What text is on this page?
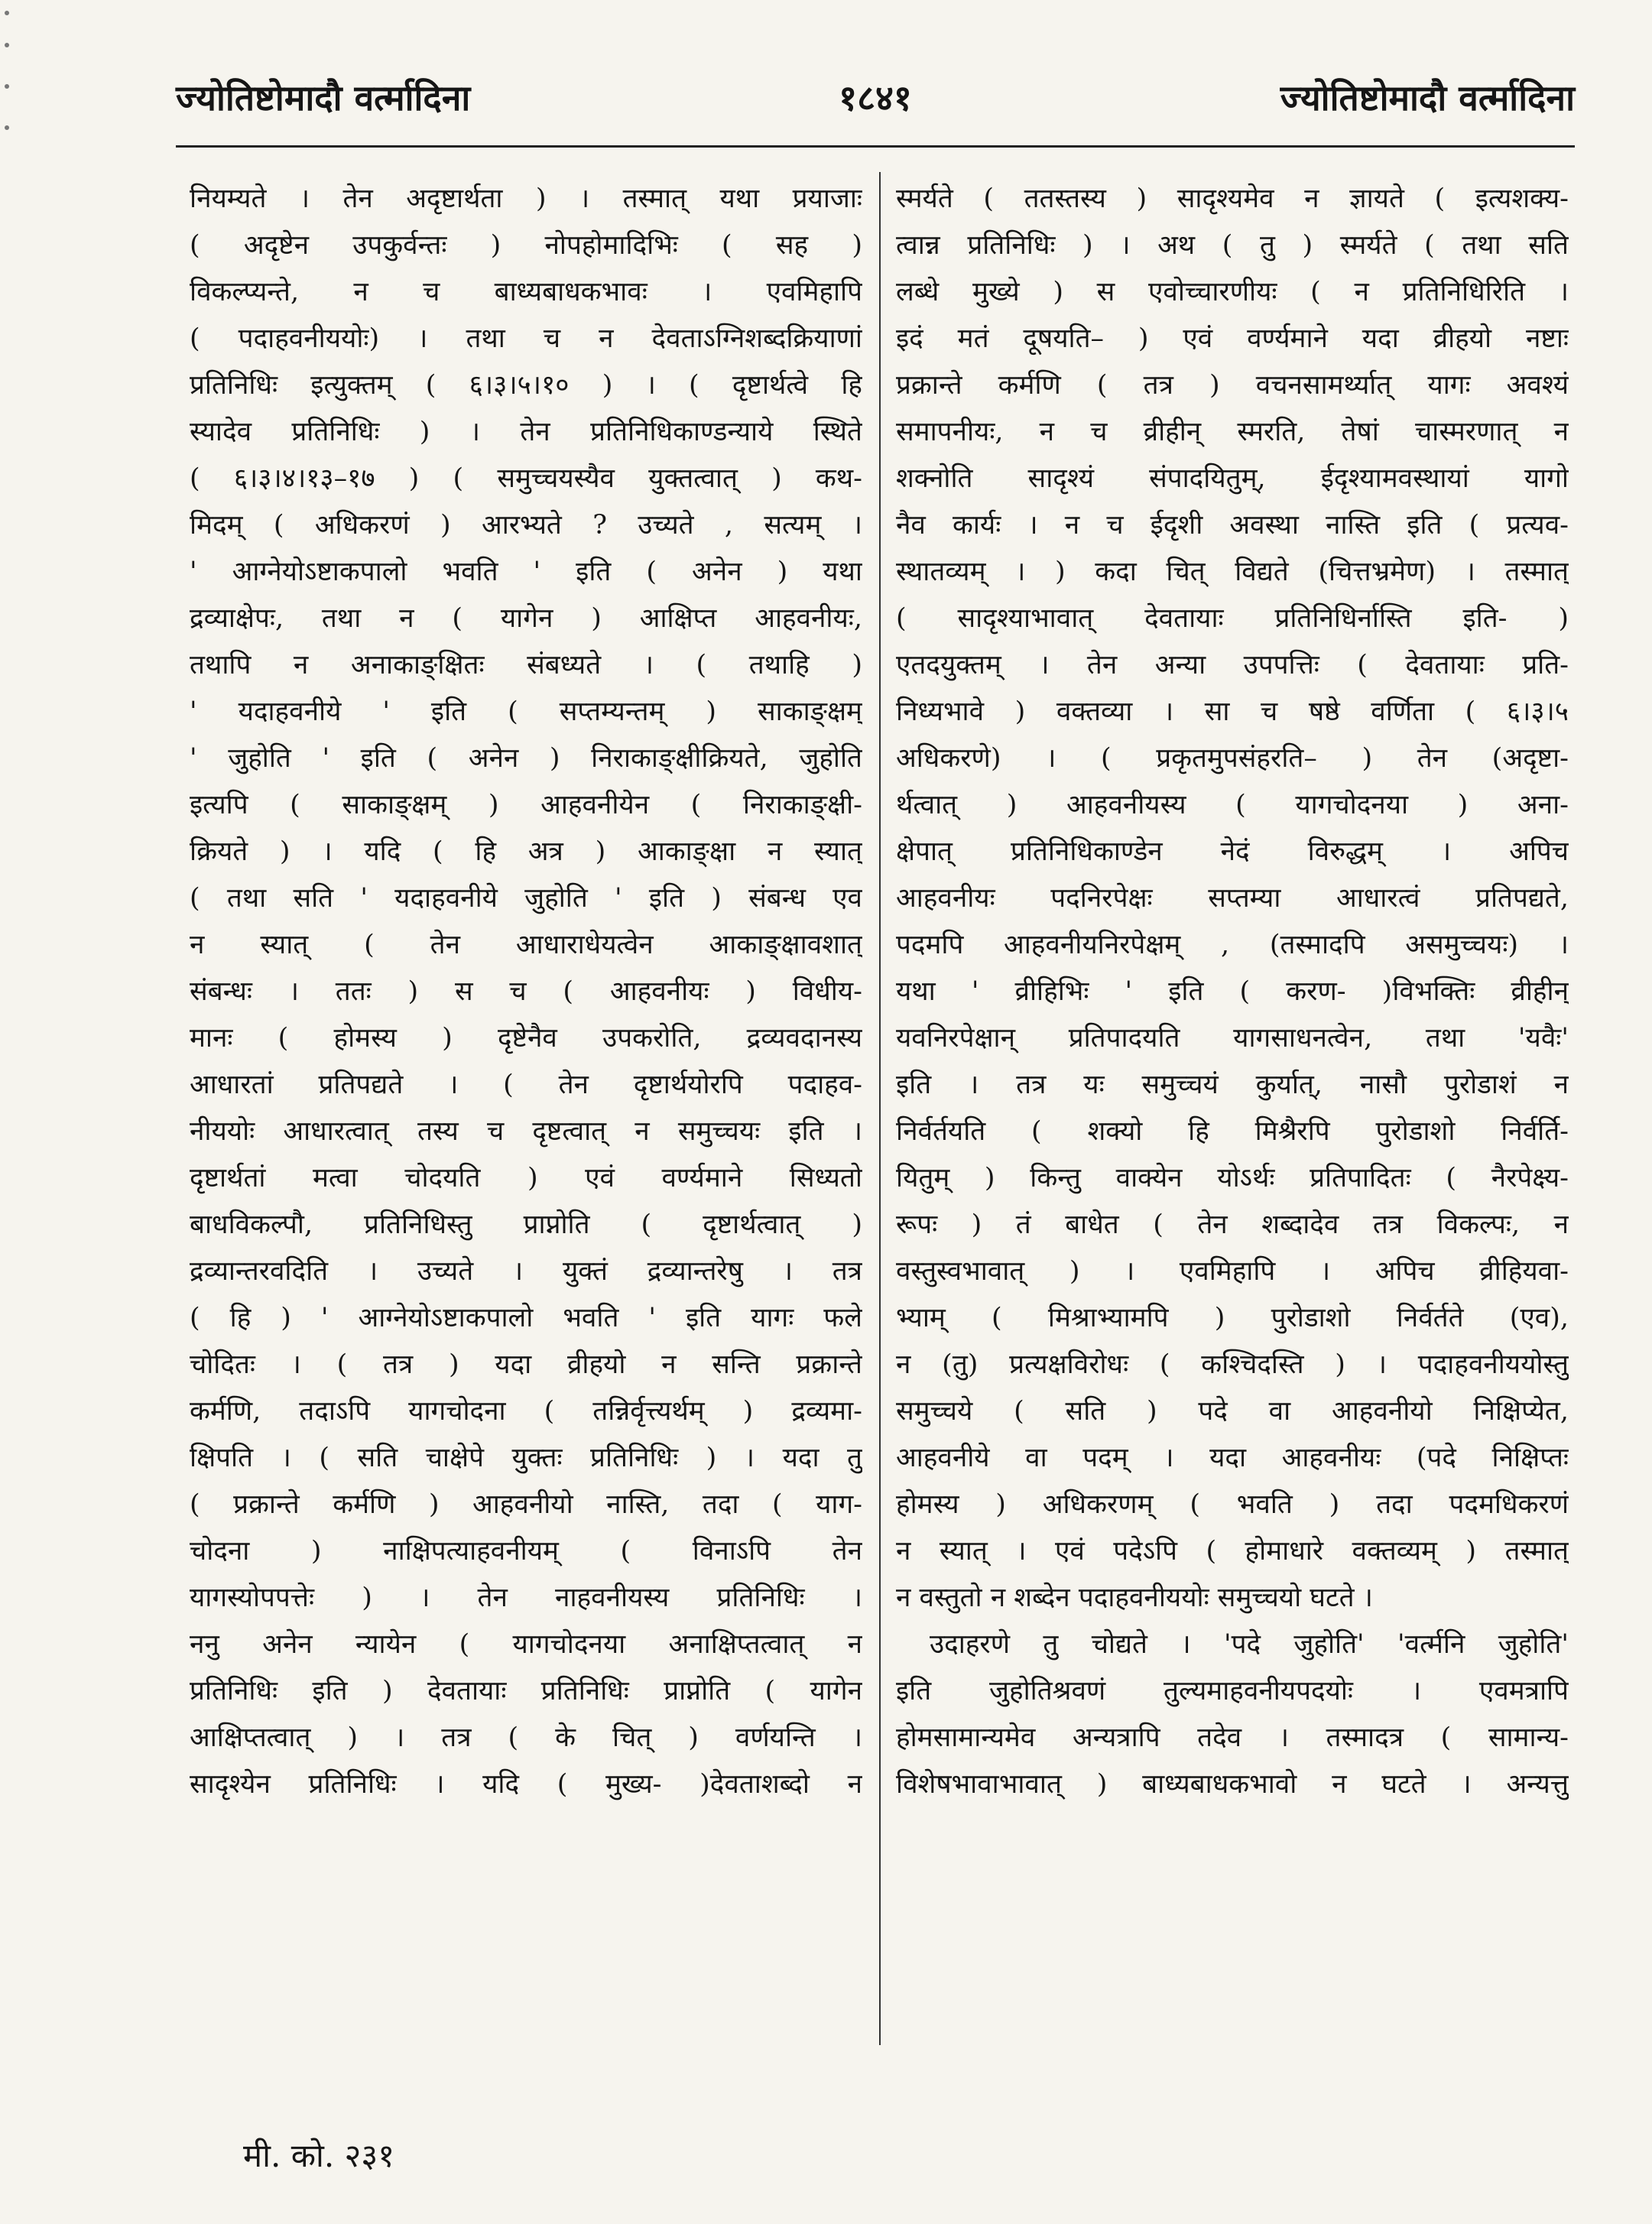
ज्योतिष्टोमादौ वर्त्मादिना	१८४१	ज्योतिष्टोमादौ वर्त्मादिना
नियम्यते । तेन अदृष्टार्थता ) । तस्मात् यथा प्रयाजाः
( अदृष्टेन उपकुर्वन्तः ) नोपहोमादिभिः ( सह )
विकल्प्यन्ते, न च बाध्यबाधकभावः । एवमिहापि
( पदाहवनीययोः) । तथा च न देवताऽग्निशब्दक्रियाणां
प्रतिनिधिः इत्युक्तम् ( ६।३।५।१० ) । ( दृष्टार्थत्वे हि
स्यादेव प्रतिनिधिः ) । तेन प्रतिनिधिकाण्डन्याये स्थिते
( ६।३।४।१३–१७ ) ( समुच्चयस्यैव युक्तत्वात् ) कथ-
मिदम् ( अधिकरणं ) आरभ्यते ? उच्यते , सत्यम् ।
' आग्नेयोऽष्टाकपालो भवति ' इति ( अनेन ) यथा
द्रव्याक्षेपः, तथा न ( यागेन ) आक्षिप्त आहवनीयः,
तथापि न अनाकाङ्क्षितः संबध्यते । ( तथाहि )
' यदाहवनीये ' इति ( सप्तम्यन्तम् ) साकाङ्क्षम्
' जुहोति ' इति ( अनेन ) निराकाङ्क्षीक्रियते, जुहोति
इत्यपि ( साकाङ्क्षम् ) आहवनीयेन ( निराकाङ्क्षी-
क्रियते ) । यदि ( हि अत्र ) आकाङ्क्षा न स्यात्
( तथा सति ' यदाहवनीये जुहोति ' इति ) संबन्ध एव
न स्यात् ( तेन आधाराधेयत्वेन आकाङ्क्षावशात्
संबन्धः । ततः ) स च ( आहवनीयः ) विधीय-
मानः ( होमस्य ) दृष्टेनैव उपकरोति, द्रव्यवदानस्य
आधारतां प्रतिपद्यते । ( तेन दृष्टार्थयोरपि पदाहव-
नीययोः आधारत्वात् तस्य च दृष्टत्वात् न समुच्चयः इति ।
दृष्टार्थतां मत्वा चोदयति ) एवं वर्ण्यमाने सिध्यतो
बाधविकल्पौ, प्रतिनिधिस्तु प्राप्नोति ( दृष्टार्थत्वात् )
द्रव्यान्तरवदिति । उच्यते । युक्तं द्रव्यान्तरेषु । तत्र
( हि ) ' आग्नेयोऽष्टाकपालो भवति ' इति यागः फले
चोदितः । ( तत्र ) यदा व्रीहयो न सन्ति प्रक्रान्ते
कर्मणि, तदाऽपि यागचोदना ( तन्निर्वृत्त्यर्थम् ) द्रव्यमा-
क्षिपति । ( सति चाक्षेपे युक्तः प्रतिनिधिः ) । यदा तु
( प्रक्रान्ते कर्मणि ) आहवनीयो नास्ति, तदा ( याग-
चोदना ) नाक्षिपत्याहवनीयम् ( विनाऽपि तेन
यागस्योपपत्तेः ) । तेन नाहवनीयस्य प्रतिनिधिः ।
ननु अनेन न्यायेन ( यागचोदनया अनाक्षिप्तत्वात् न
प्रतिनिधिः इति ) देवतायाः प्रतिनिधिः प्राप्नोति ( यागेन
आक्षिप्तत्वात् ) । तत्र ( के चित् ) वर्णयन्ति ।
सादृश्येन प्रतिनिधिः । यदि ( मुख्य- )देवताशब्दो न
स्मर्यते ( ततस्तस्य ) सादृश्यमेव न ज्ञायते ( इत्यशक्य-
त्वान्न प्रतिनिधिः ) । अथ ( तु ) स्मर्यते ( तथा सति
लब्धे मुख्ये ) स एवोच्चारणीयः ( न प्रतिनिधिरिति ।
इदं मतं दूषयति– ) एवं वर्ण्यमाने यदा व्रीहयो नष्टाः
प्रक्रान्ते कर्मणि ( तत्र ) वचनसामर्थ्यात् यागः अवश्यं
समापनीयः, न च व्रीहीन् स्मरति, तेषां चास्मरणात् न
शक्नोति सादृश्यं संपादयितुम्, ईदृश्यामवस्थायां यागो
नैव कार्यः । न च ईदृशी अवस्था नास्ति इति ( प्रत्यव-
स्थातव्यम् । ) कदा चित् विद्यते (चित्तभ्रमेण) । तस्मात्
( सादृश्याभावात् देवतायाः प्रतिनिधिर्नास्ति इति- )
एतदयुक्तम् । तेन अन्या उपपत्तिः ( देवतायाः प्रति-
निध्यभावे ) वक्तव्या । सा च षष्ठे वर्णिता ( ६।३।५
अधिकरणे) । ( प्रकृतमुपसंहरति– ) तेन (अदृष्टा-
र्थत्वात् ) आहवनीयस्य ( यागचोदनया ) अना-
क्षेपात् प्रतिनिधिकाण्डेन नेदं विरुद्धम् । अपिच
आहवनीयः पदनिरपेक्षः सप्तम्या आधारत्वं प्रतिपद्यते,
पदमपि आहवनीयनिरपेक्षम् , (तस्मादपि असमुच्चयः) ।
यथा ' व्रीहिभिः ' इति ( करण- )विभक्तिः व्रीहीन्
यवनिरपेक्षान् प्रतिपादयति यागसाधनत्वेन, तथा 'यवैः'
इति । तत्र यः समुच्चयं कुर्यात्, नासौ पुरोडाशं न
निर्वर्तयति ( शक्यो हि मिश्रैरपि पुरोडाशो निर्वर्ति-
यितुम् ) किन्तु वाक्येन योऽर्थः प्रतिपादितः ( नैरपेक्ष्य-
रूपः ) तं बाधेत ( तेन शब्दादेव तत्र विकल्पः, न
वस्तुस्वभावात् ) । एवमिहापि । अपिच व्रीहियवा-
भ्याम् ( मिश्राभ्यामपि ) पुरोडाशो निर्वर्तते (एव),
न (तु) प्रत्यक्षविरोधः ( कश्चिदस्ति ) । पदाहवनीययोस्तु
समुच्चये ( सति ) पदे वा आहवनीयो निक्षिप्येत,
आहवनीये वा पदम् । यदा आहवनीयः (पदे निक्षिप्तः
होमस्य ) अधिकरणम् ( भवति ) तदा पदमधिकरणं
न स्यात् । एवं पदेऽपि ( होमाधारे वक्तव्यम् ) तस्मात्
न वस्तुतो न शब्देन पदाहवनीययोः समुच्चयो घटते ।
उदाहरणे तु चोद्यते । 'पदे जुहोति' 'वर्त्मनि जुहोति'
इति जुहोतिश्रवणं तुल्यमाहवनीयपदयोः । एवमत्रापि
होमसामान्यमेव अन्यत्रापि तदेव । तस्मादत्र ( सामान्य-
विशेषभावाभावात् ) बाध्यबाधकभावो न घटते । अन्यत्तु
मी. को. २३१
